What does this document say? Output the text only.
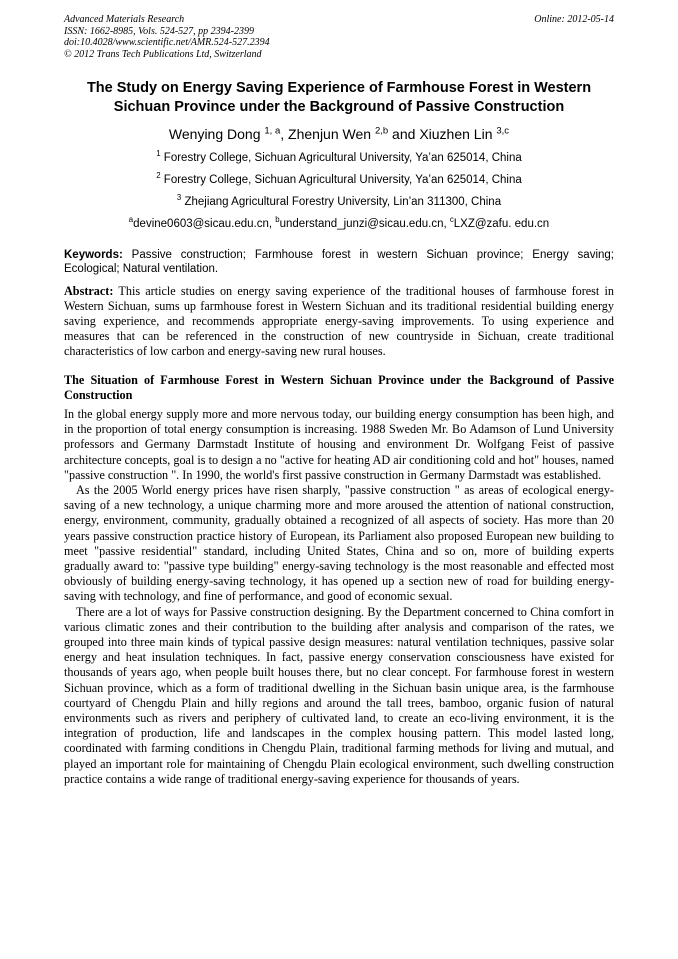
Advanced Materials Research
ISSN: 1662-8985, Vols. 524-527, pp 2394-2399
doi:10.4028/www.scientific.net/AMR.524-527.2394
© 2012 Trans Tech Publications Ltd, Switzerland
Online: 2012-05-14
The Study on Energy Saving Experience of Farmhouse Forest in Western Sichuan Province under the Background of Passive Construction
Wenying Dong $^{1, a}$, Zhenjun Wen $^{2,b}$ and Xiuzhen Lin $^{3,c}$
$^1$ Forestry College, Sichuan Agricultural University, Ya’an 625014, China
$^2$ Forestry College, Sichuan Agricultural University, Ya’an 625014, China
$^3$ Zhejiang Agricultural Forestry University, Lin’an 311300, China
$^a$devine0603@sicau.edu.cn, $^b$understand_junzi@sicau.edu.cn, $^c$LXZ@zafu. edu.cn
Keywords: Passive construction; Farmhouse forest in western Sichuan province; Energy saving; Ecological; Natural ventilation.
Abstract: This article studies on energy saving experience of the traditional houses of farmhouse forest in Western Sichuan, sums up farmhouse forest in Western Sichuan and its traditional residential building energy saving experience, and recommends appropriate energy-saving improvements. To using experience and measures that can be referenced in the construction of new countryside in Sichuan, create traditional characteristics of low carbon and energy-saving new rural houses.
The Situation of Farmhouse Forest in Western Sichuan Province under the Background of Passive Construction

In the global energy supply more and more nervous today, our building energy consumption has been high, and in the proportion of total energy consumption is increasing. 1988 Sweden Mr. Bo Adamson of Lund University professors and Germany Darmstadt Institute of housing and environment Dr. Wolfgang Feist of passive architecture concepts, goal is to design a no "active for heating AD air conditioning cold and hot" houses, named "passive construction ". In 1990, the world's first passive construction in Germany Darmstadt was established.

As the 2005 World energy prices have risen sharply, "passive construction " as areas of ecological energy-saving of a new technology, a unique charming more and more aroused the attention of national construction, energy, environment, community, gradually obtained a recognized of all aspects of society. Has more than 20 years passive construction practice history of European, its Parliament also proposed European new building to meet "passive residential" standard, including United States, China and so on, more of building experts gradually award to: "passive type building" energy-saving technology is the most reasonable and effected most obviously of building energy-saving technology, it has opened up a section new of road for building energy-saving with technology, and fine of performance, and good of economic sexual.

There are a lot of ways for Passive construction designing. By the Department concerned to China comfort in various climatic zones and their contribution to the building after analysis and comparison of the rates, we grouped into three main kinds of typical passive design measures: natural ventilation techniques, passive solar energy and heat insulation techniques. In fact, passive energy conservation consciousness have existed for thousands of years ago, when people built houses there, but no clear concept. For farmhouse forest in western Sichuan province, which as a form of traditional dwelling in the Sichuan basin unique area, is the farmhouse courtyard of Chengdu Plain and hilly regions and around the tall trees, bamboo, organic fusion of natural environments such as rivers and periphery of cultivated land, to create an eco-living environment, it is the integration of production, life and landscapes in the complex housing pattern. This model lasted long, coordinated with farming conditions in Chengdu Plain, traditional farming methods for living and mutual, and played an important role for maintaining of Chengdu Plain ecological environment, such dwelling construction practice contains a wide range of traditional energy-saving experience for thousands of years.
